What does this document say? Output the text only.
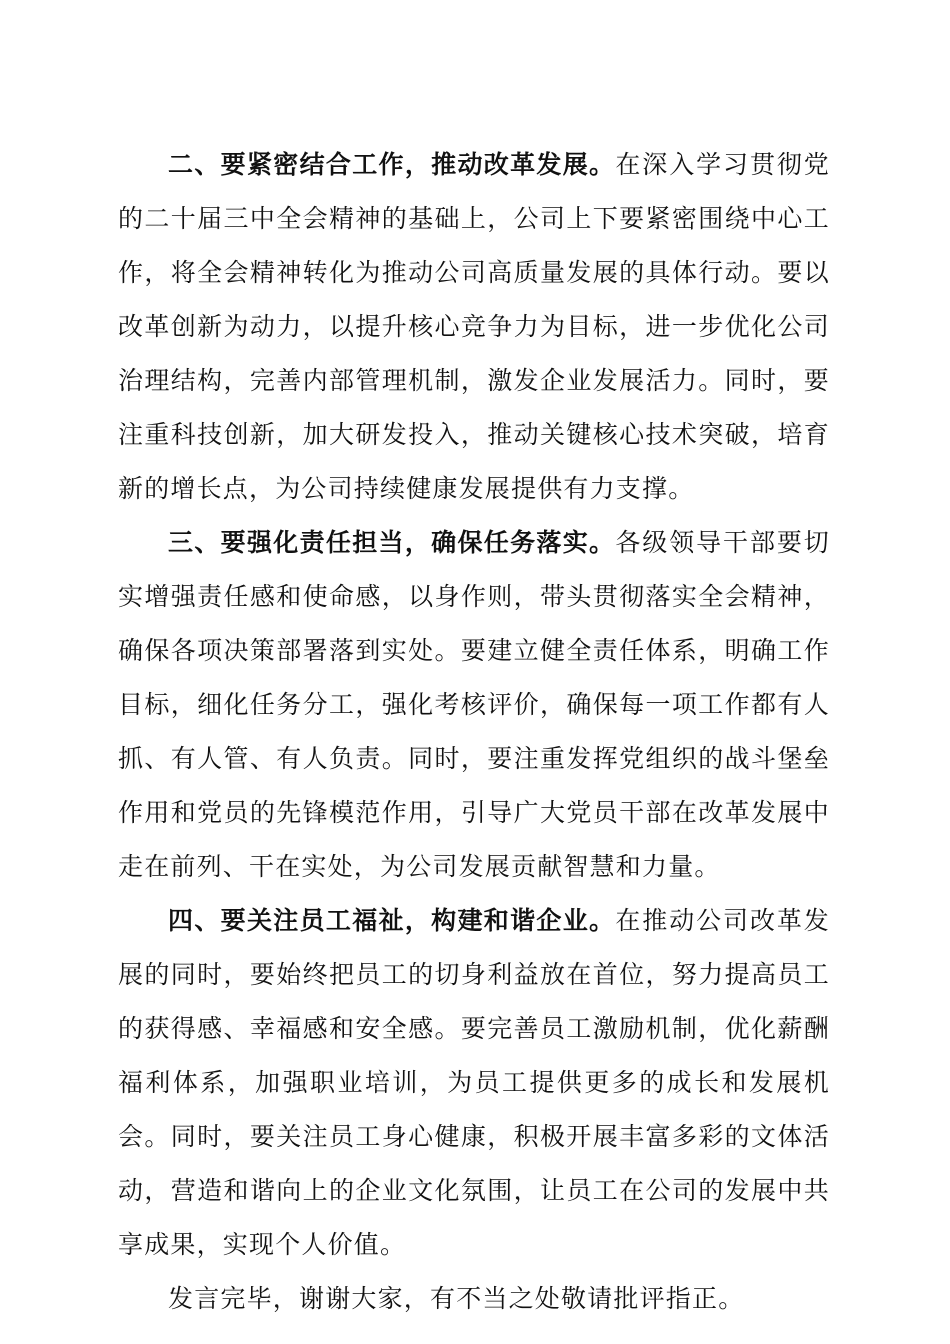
二、要紧密结合工作，推动改革发展。在深入学习贯彻党的二十届三中全会精神的基础上，公司上下要紧密围绕中心工作，将全会精神转化为推动公司高质量发展的具体行动。要以改革创新为动力，以提升核心竞争力为目标，进一步优化公司治理结构，完善内部管理机制，激发企业发展活力。同时，要注重科技创新，加大研发投入，推动关键核心技术突破，培育新的增长点，为公司持续健康发展提供有力支撑。

三、要强化责任担当，确保任务落实。各级领导干部要切实增强责任感和使命感，以身作则，带头贯彻落实全会精神，确保各项决策部署落到实处。要建立健全责任体系，明确工作目标，细化任务分工，强化考核评价，确保每一项工作都有人抓、有人管、有人负责。同时，要注重发挥党组织的战斗堡垒作用和党员的先锋模范作用，引导广大党员干部在改革发展中走在前列、干在实处，为公司发展贡献智慧和力量。

四、要关注员工福祉，构建和谐企业。在推动公司改革发展的同时，要始终把员工的切身利益放在首位，努力提高员工的获得感、幸福感和安全感。要完善员工激励机制，优化薪酬福利体系，加强职业培训，为员工提供更多的成长和发展机会。同时，要关注员工身心健康，积极开展丰富多彩的文体活动，营造和谐向上的企业文化氛围，让员工在公司的发展中共享成果，实现个人价值。

发言完毕，谢谢大家，有不当之处敬请批评指正。
